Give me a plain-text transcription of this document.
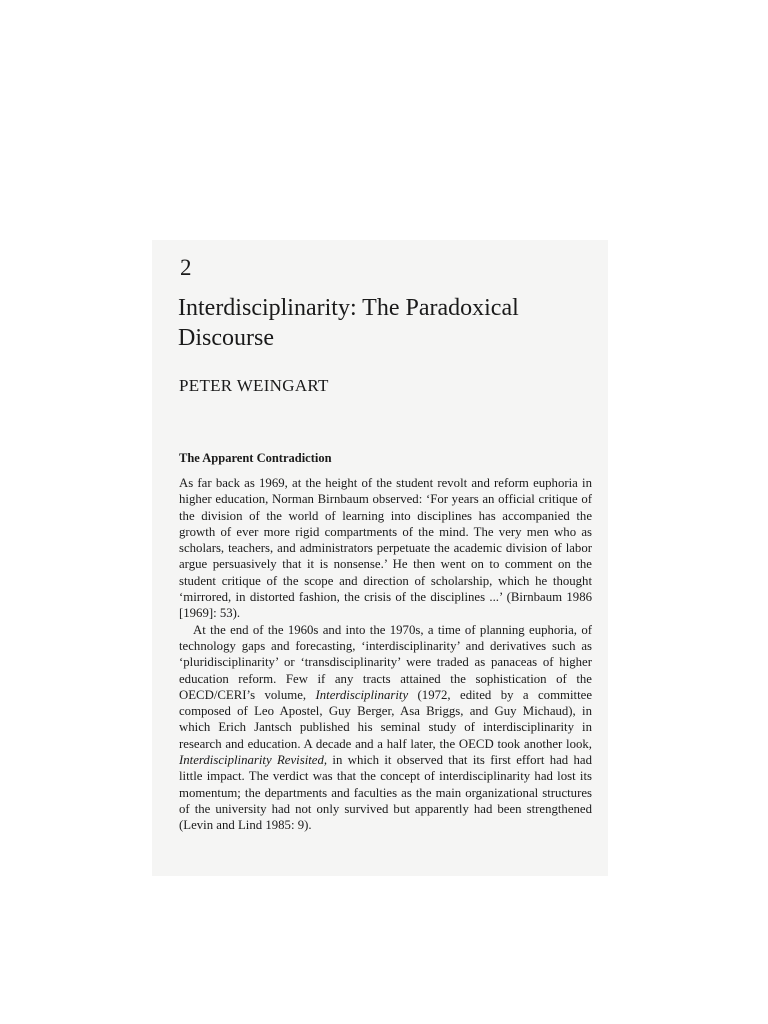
2
Interdisciplinarity: The Paradoxical Discourse
PETER WEINGART
The Apparent Contradiction

As far back as 1969, at the height of the student revolt and reform euphoria in higher education, Norman Birnbaum observed: ‘For years an official critique of the division of the world of learning into disciplines has accompanied the growth of ever more rigid compartments of the mind. The very men who as scholars, teachers, and administrators perpetuate the academic division of labor argue persuasively that it is nonsense.’ He then went on to comment on the student critique of the scope and direction of scholarship, which he thought ‘mirrored, in distorted fashion, the crisis of the disciplines ...’ (Birnbaum 1986 [1969]: 53).

At the end of the 1960s and into the 1970s, a time of planning euphoria, of technology gaps and forecasting, ‘interdisciplinarity’ and derivatives such as ‘pluridisciplinarity’ or ‘transdisciplinarity’ were traded as panaceas of higher education reform. Few if any tracts attained the sophistication of the OECD/CERI’s volume, Interdisciplinarity (1972, edited by a committee composed of Leo Apostel, Guy Berger, Asa Briggs, and Guy Michaud), in which Erich Jantsch published his seminal study of interdisciplinarity in research and education. A decade and a half later, the OECD took another look, Interdisciplinarity Revisited, in which it observed that its first effort had had little impact. The verdict was that the concept of interdisciplinarity had lost its momentum; the departments and faculties as the main organizational structures of the university had not only survived but apparently had been strengthened (Levin and Lind 1985: 9).
